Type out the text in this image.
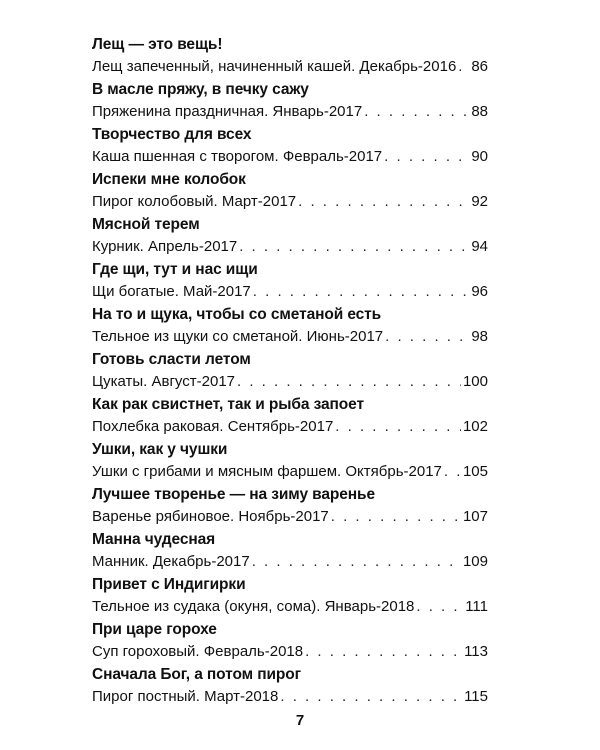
Лещ — это вещь!
Лещ запеченный, начиненный кашей. Декабрь-2016 . . . 86
В масле пряжу, в печку сажу
Пряженина праздничная. Январь-2017 . . .	88
Творчество для всех
Каша пшенная с творогом. Февраль-2017 . . .	90
Испеки мне колобок
Пирог колобовый. Март-2017 . . .	92
Мясной терем
Курник. Апрель-2017 . . .	94
Где щи, тут и нас ищи
Щи богатые. Май-2017 . . .	96
На то и щука, чтобы со сметаной есть
Тельное из щуки со сметаной. Июнь-2017 . . .	98
Готовь сласти летом
Цукаты. Август-2017 . . .	100
Как рак свистнет, так и рыба запоет
Похлебка раковая. Сентябрь-2017 . . .	102
Ушки, как у чушки
Ушки с грибами и мясным фаршем. Октябрь-2017 . . . 105
Лучшее творенье — на зиму варенье
Варенье рябиновое. Ноябрь-2017 . . .	107
Манна чудесная
Манник. Декабрь-2017 . . .	109
Привет с Индигирки
Тельное из судака (окуня, сома). Январь-2018 . . .	111
При царе горохе
Суп гороховый. Февраль-2018 . . .	113
Сначала Бог, а потом пирог
Пирог постный. Март-2018 . . .	115
7
